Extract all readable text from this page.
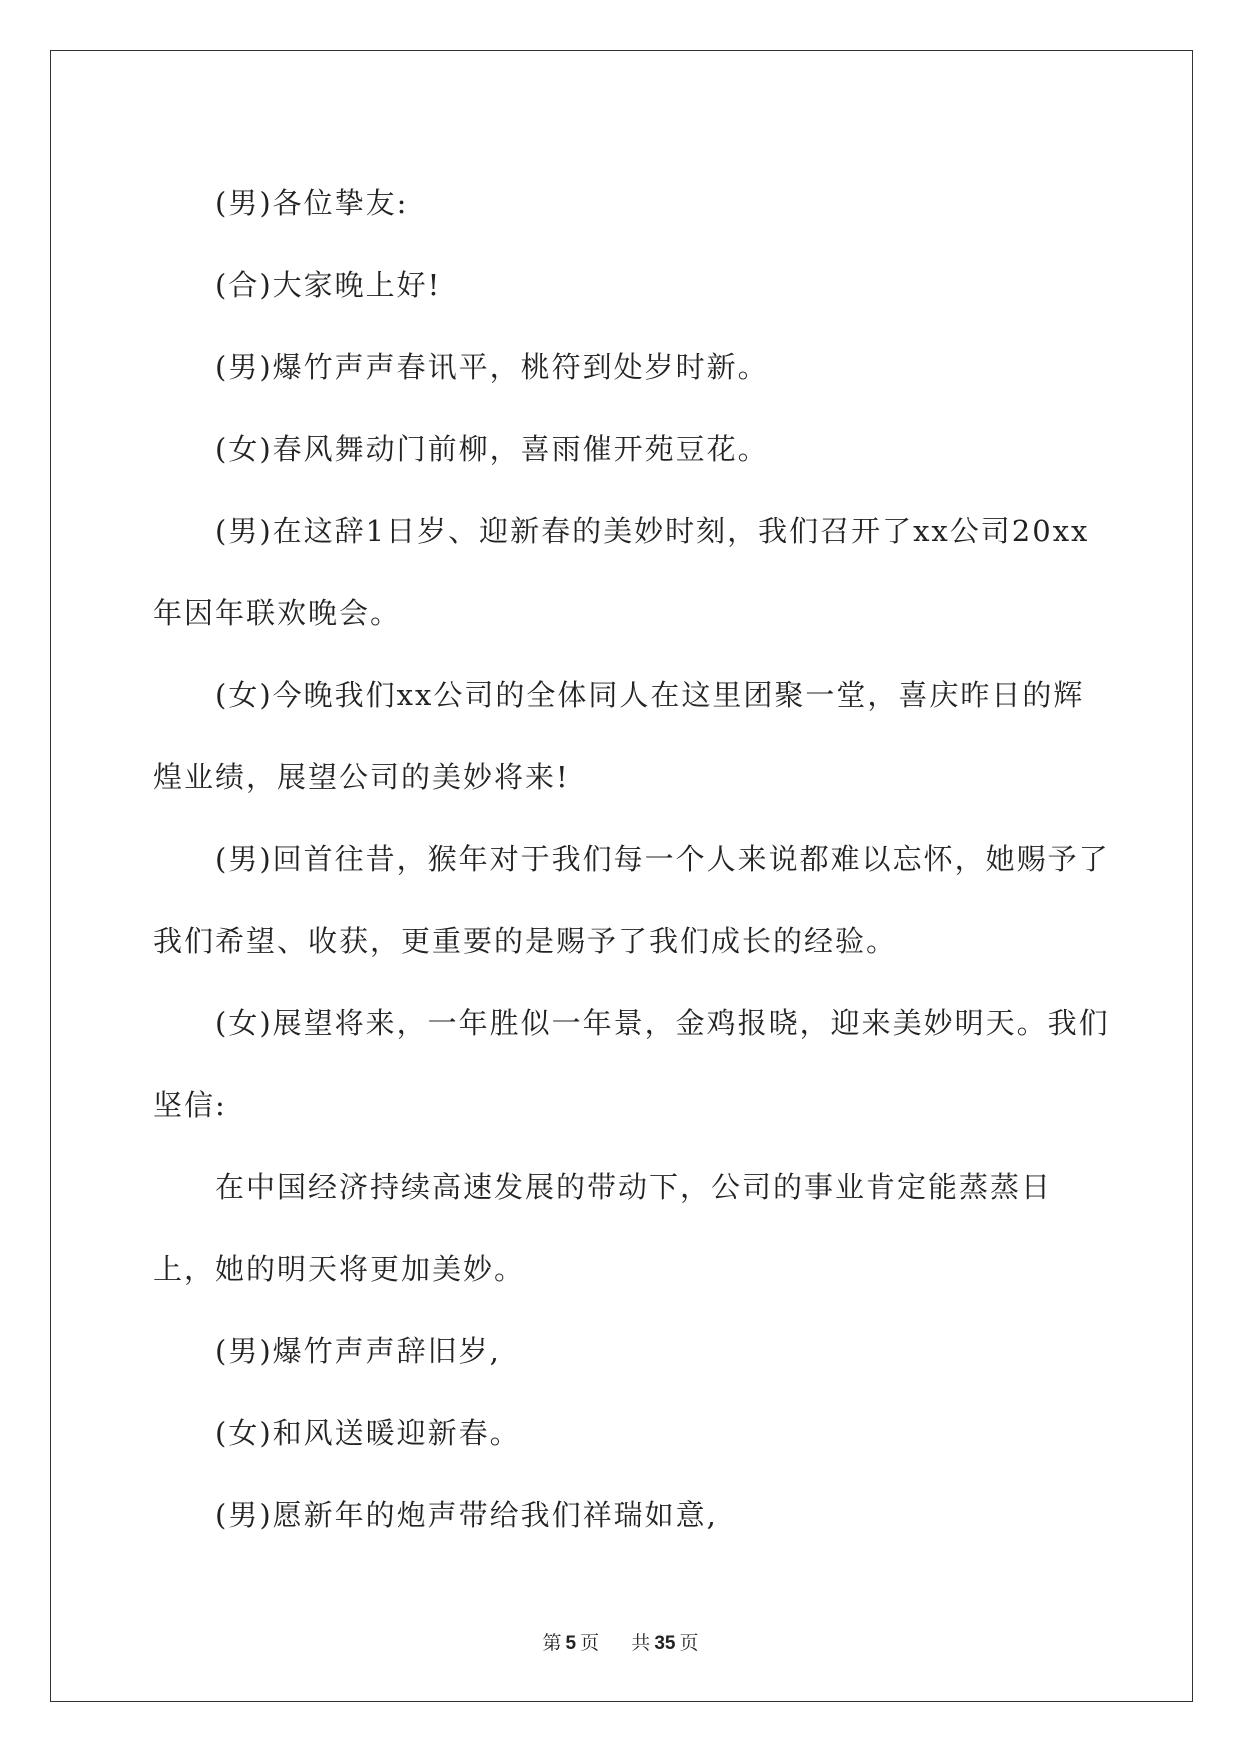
(男)各位挚友:

(合)大家晚上好!

(男)爆竹声声春讯平，桃符到处岁时新。

(女)春风舞动门前柳，喜雨催开苑豆花。

(男)在这辞1日岁、迎新春的美妙时刻，我们召开了xx公司20xx年因年联欢晚会。

(女)今晚我们xx公司的全体同人在这里团聚一堂，喜庆昨日的辉煌业绩，展望公司的美妙将来!

(男)回首往昔，猴年对于我们每一个人来说都难以忘怀，她赐予了我们希望、收获，更重要的是赐予了我们成长的经验。

(女)展望将来，一年胜似一年景，金鸡报晓，迎来美妙明天。我们坚信:

在中国经济持续高速发展的带动下，公司的事业肯定能蒸蒸日上，她的明天将更加美妙。

(男)爆竹声声辞旧岁,

(女)和风送暖迎新春。

(男)愿新年的炮声带给我们祥瑞如意,

第 5 页 共 35 页
